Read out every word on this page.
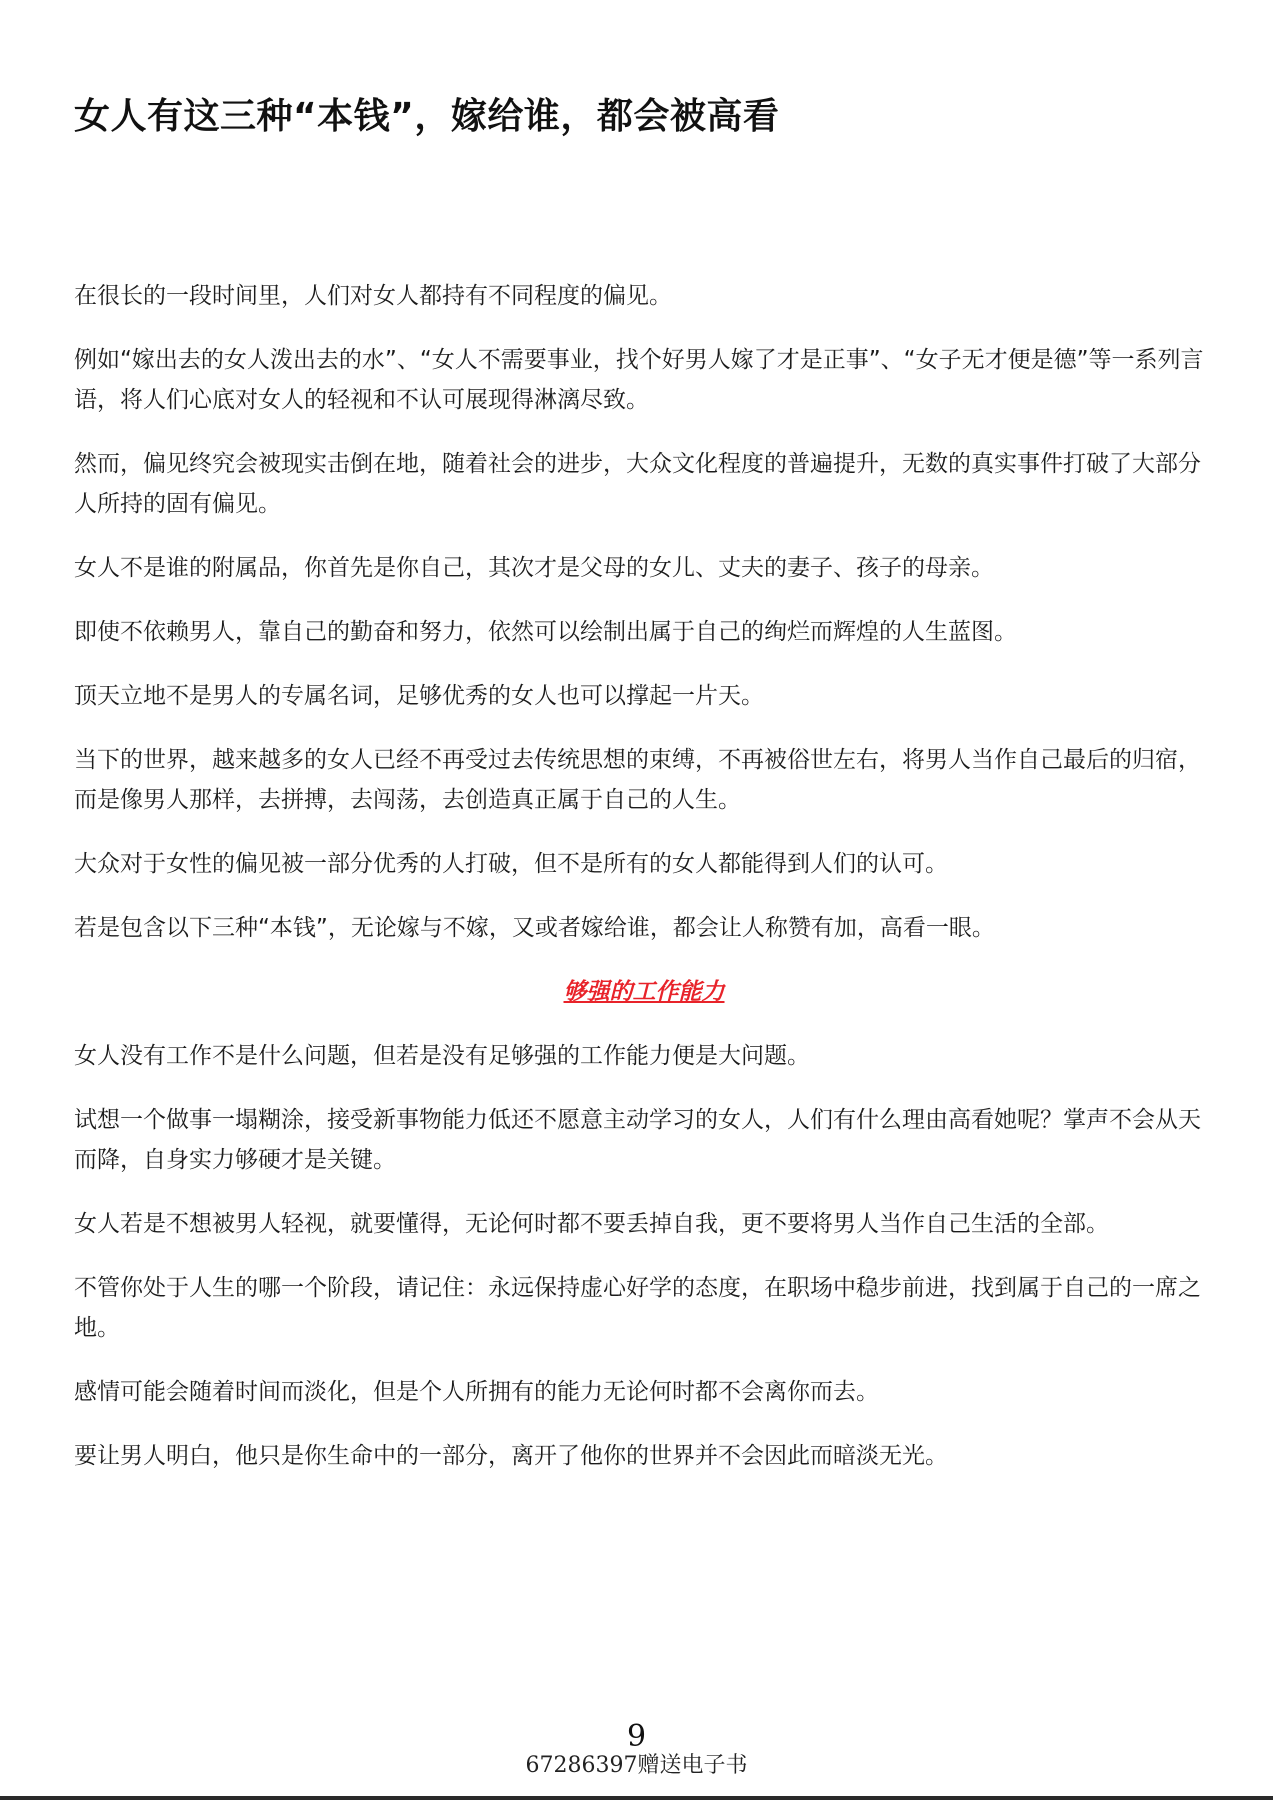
女人有这三种“本钱”，嫁给谁，都会被高看

在很长的一段时间里，人们对女人都持有不同程度的偏见。

例如“嫁出去的女人泼出去的水”、“女人不需要事业，找个好男人嫁了才是正事”、“女子无才便是德”等一系列言语，将人们心底对女人的轻视和不认可展现得淋漓尽致。

然而，偏见终究会被现实击倒在地，随着社会的进步，大众文化程度的普遍提升，无数的真实事件打破了大部分人所持的固有偏见。

女人不是谁的附属品，你首先是你自己，其次才是父母的女儿、丈夫的妻子、孩子的母亲。

即使不依赖男人，靠自己的勤奋和努力，依然可以绘制出属于自己的绚烂而辉煌的人生蓝图。

顶天立地不是男人的专属名词，足够优秀的女人也可以撑起一片天。

当下的世界，越来越多的女人已经不再受过去传统思想的束缚，不再被俗世左右，将男人当作自己最后的归宿，而是像男人那样，去拼搏，去闯荡，去创造真正属于自己的人生。

大众对于女性的偏见被一部分优秀的人打破，但不是所有的女人都能得到人们的认可。

若是包含以下三种“本钱”，无论嫁与不嫁，又或者嫁给谁，都会让人称赞有加，高看一眼。

够强的工作能力

女人没有工作不是什么问题，但若是没有足够强的工作能力便是大问题。

试想一个做事一塌糊涂，接受新事物能力低还不愿意主动学习的女人，人们有什么理由高看她呢？掌声不会从天而降，自身实力够硬才是关键。

女人若是不想被男人轻视，就要懂得，无论何时都不要丢掉自我，更不要将男人当作自己生活的全部。

不管你处于人生的哪一个阶段，请记住：永远保持虚心好学的态度，在职场中稳步前进，找到属于自己的一席之地。

感情可能会随着时间而淡化，但是个人所拥有的能力无论何时都不会离你而去。

要让男人明白，他只是你生命中的一部分，离开了他你的世界并不会因此而暗淡无光。

9
67286397赠送电子书
